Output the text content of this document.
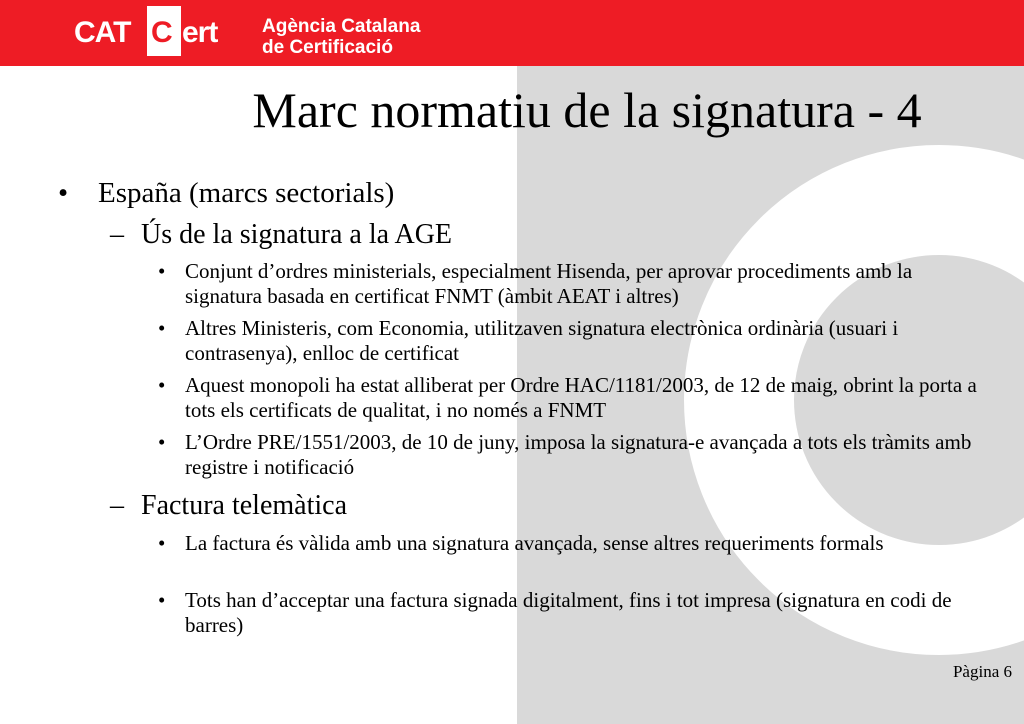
CAT C ert Agència Catalana
de Certificació
Marc normatiu de la signatura - 4
• España (marcs sectorials)
– Ús de la signatura a la AGE
• Conjunt d’ordres ministerials, especialment Hisenda, per aprovar procediments amb la signatura basada en certificat FNMT (àmbit AEAT i altres)
• Altres Ministeris, com Economia, utilitzaven signatura electrònica ordinària (usuari i contrasenya), enlloc de certificat
• Aquest monopoli ha estat alliberat per Ordre HAC/1181/2003, de 12 de maig, obrint la porta a tots els certificats de qualitat, i no només a FNMT
• L’Ordre PRE/1551/2003, de 10 de juny, imposa la signatura-e avançada a tots els tràmits amb registre i notificació
– Factura telemàtica
• La factura és vàlida amb una signatura avançada, sense altres requeriments formals
• Tots han d’acceptar una factura signada digitalment, fins i tot impresa (signatura en codi de barres)
Pàgina 6
